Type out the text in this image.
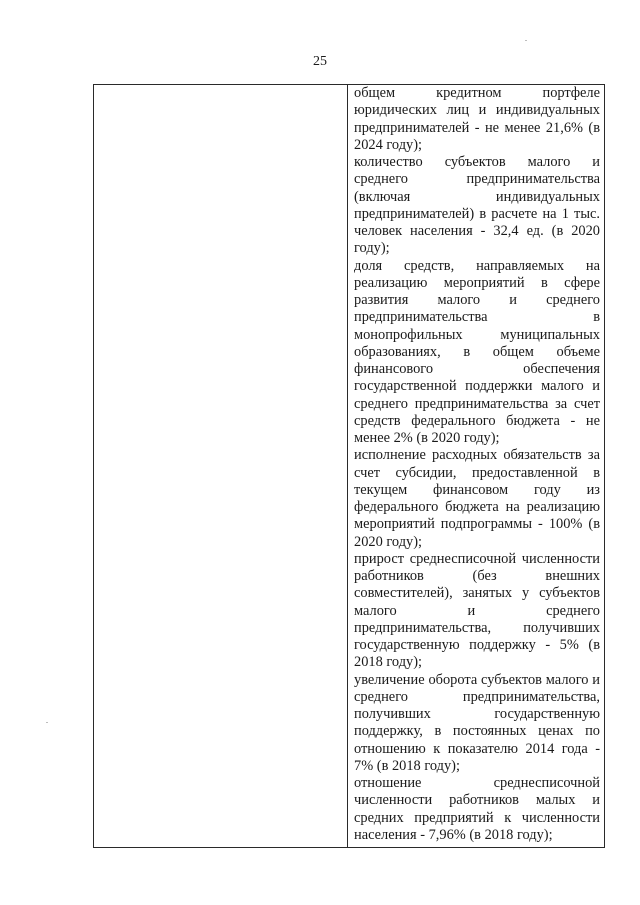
25

общем кредитном портфеле юридических лиц и индивидуальных предпринимателей - не менее 21,6% (в 2024 году);

количество субъектов малого и среднего предпринимательства (включая индивидуальных предпринимателей) в расчете на 1 тыс. человек населения - 32,4 ед. (в 2020 году);

доля средств, направляемых на реализацию мероприятий в сфере развития малого и среднего предпринимательства в монопрофильных муниципальных образованиях, в общем объеме финансового обеспечения государственной поддержки малого и среднего предпринимательства за счет средств федерального бюджета - не менее 2% (в 2020 году);

исполнение расходных обязательств за счет субсидии, предоставленной в текущем финансовом году из федерального бюджета на реализацию мероприятий подпрограммы - 100% (в 2020 году);

прирост среднесписочной численности работников (без внешних совместителей), занятых у субъектов малого и среднего предпринимательства, получивших государственную поддержку - 5% (в 2018 году);

увеличение оборота субъектов малого и среднего предпринимательства, получивших государственную поддержку, в постоянных ценах по отношению к показателю 2014 года - 7% (в 2018 году);

отношение среднесписочной численности работников малых и средних предприятий к численности населения - 7,96% (в 2018 году);
